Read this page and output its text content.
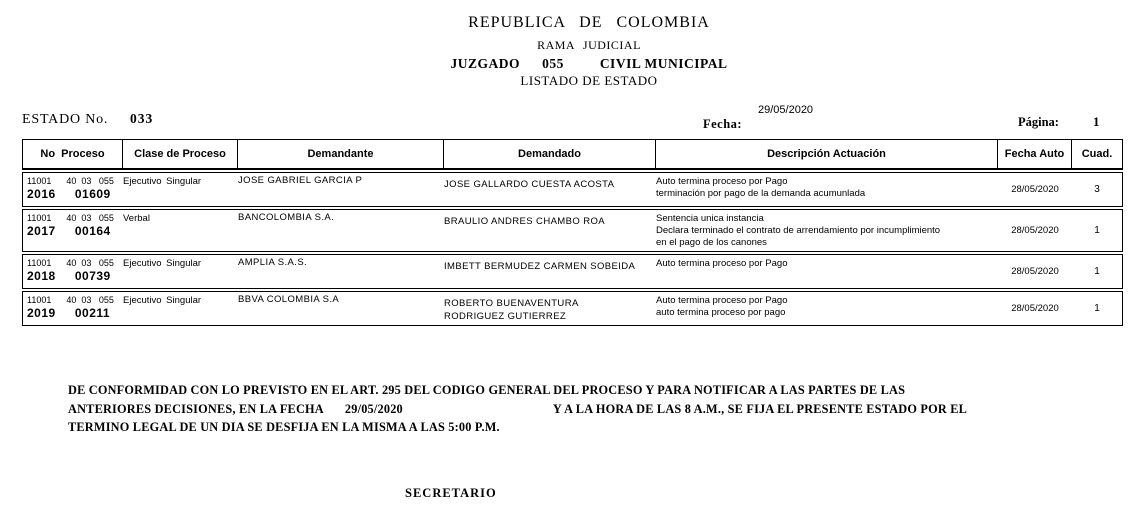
REPUBLICA DE COLOMBIA
RAMA JUDICIAL
JUZGADO 055	CIVIL MUNICIPAL
LISTADO DE ESTADO
ESTADO No. 033
29/05/2020
Fecha:	Página:	1
No  Proceso	Clase de Proceso	Demandante	Demandado	Descripción Actuación	Fecha Auto	Cuad.
11001      40  03   055
2016     01609
Ejecutivo Singular	JOSE GABRIEL GARCIA P	JOSE GALLARDO CUESTA ACOSTA	Auto termina proceso por Pago
terminación por pago de la demanda acumunlada	28/05/2020	3
11001      40  03   055
2017     00164
Verbal	BANCOLOMBIA S.A.	BRAULIO ANDRES CHAMBO ROA	Sentencia unica instancia
Declara terminado el contrato de arrendamiento por incumplimiento
en el pago de los canones
28/05/2020	1
11001      40  03   055
2018     00739
Ejecutivo Singular	AMPLIA S.A.S.	IMBETT BERMUDEZ CARMEN SOBEIDA	Auto termina proceso por Pago
28/05/2020	1
11001      40  03   055
2019     00211
Ejecutivo Singular	BBVA COLOMBIA S.A	ROBERTO BUENAVENTURA
RODRIGUEZ GUTIERREZ
Auto termina proceso por Pago
auto termina proceso por pago	28/05/2020	1
DE CONFORMIDAD CON LO PREVISTO EN EL ART. 295 DEL CODIGO GENERAL DEL PROCESO Y PARA NOTIFICAR A LAS PARTES DE LAS
ANTERIORES DECISIONES, EN LA FECHA 29/05/2020	Y A LA HORA DE LAS 8 A.M., SE FIJA EL PRESENTE ESTADO POR EL
TERMINO LEGAL DE UN DIA SE DESFIJA EN LA MISMA A LAS 5:00 P.M.
SECRETARIO
